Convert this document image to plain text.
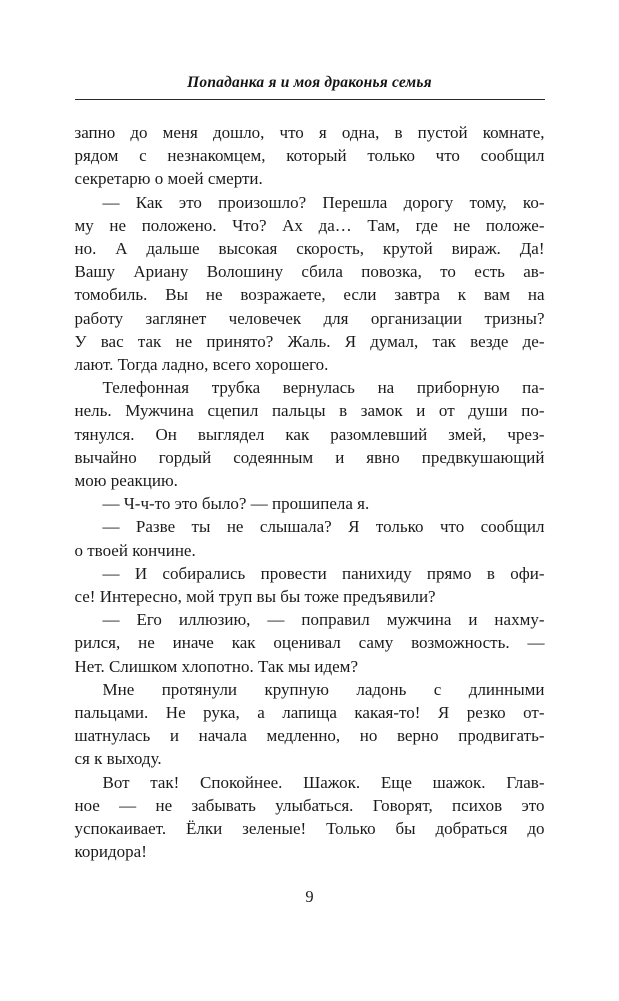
Попаданка я и моя драконья семья
запно до меня дошло, что я одна, в пустой комнате,
рядом с незнакомцем, который только что сообщил
секретарю о моей смерти.
— Как это произошло? Перешла дорогу тому, ко-
му не положено. Что? Ах да… Там, где не положе-
но. А дальше высокая скорость, крутой вираж. Да!
Вашу Ариану Волошину сбила повозка, то есть ав-
томобиль. Вы не возражаете, если завтра к вам на
работу заглянет человечек для организации тризны?
У вас так не принято? Жаль. Я думал, так везде де-
лают. Тогда ладно, всего хорошего.
Телефонная трубка вернулась на приборную па-
нель. Мужчина сцепил пальцы в замок и от души по-
тянулся. Он выглядел как разомлевший змей, чрез-
вычайно гордый содеянным и явно предвкушающий
мою реакцию.
— Ч-ч-то это было? — прошипела я.
— Разве ты не слышала? Я только что сообщил
о твоей кончине.
— И собирались провести панихиду прямо в офи-
се! Интересно, мой труп вы бы тоже предъявили?
— Его иллюзию, — поправил мужчина и нахму-
рился, не иначе как оценивал саму возможность. —
Нет. Слишком хлопотно. Так мы идем?
Мне протянули крупную ладонь с длинными
пальцами. Не рука, а лапища какая-то! Я резко от-
шатнулась и начала медленно, но верно продвигать-
ся к выходу.
Вот так! Спокойнее. Шажок. Еще шажок. Глав-
ное — не забывать улыбаться. Говорят, психов это
успокаивает. Ёлки зеленые! Только бы добраться до
коридора!
9
